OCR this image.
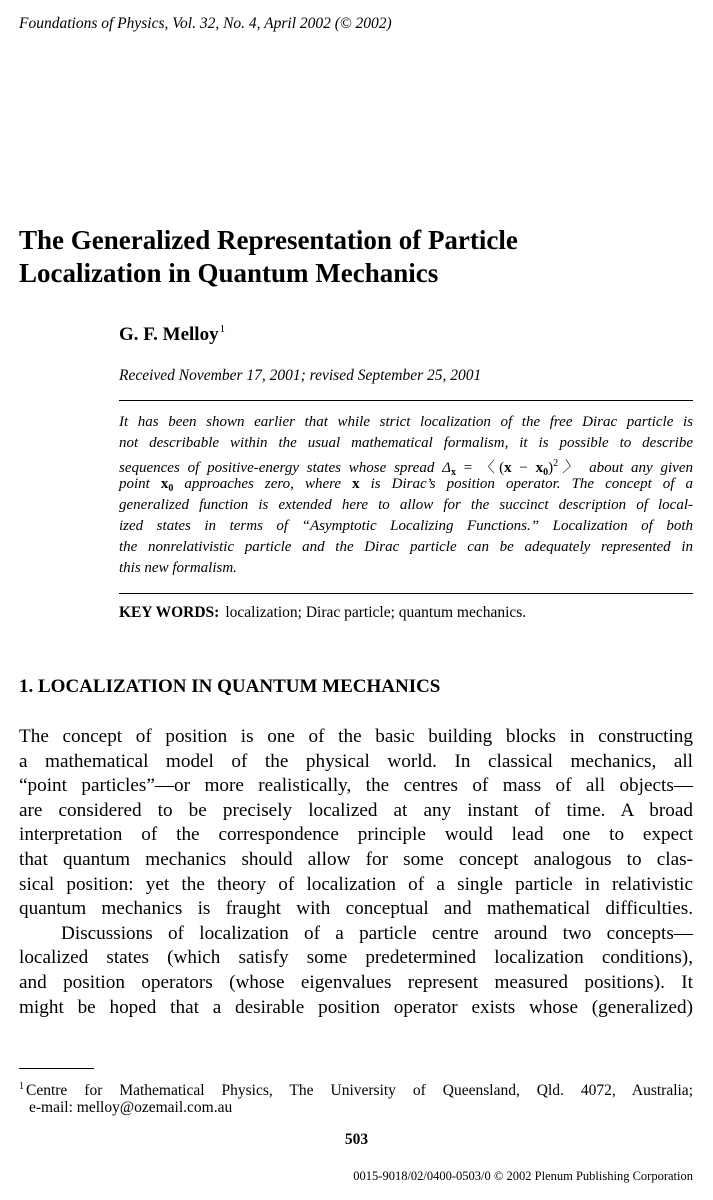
Foundations of Physics, Vol. 32, No. 4, April 2002 (© 2002)
The Generalized Representation of Particle
Localization in Quantum Mechanics
G. F. Melloy$^1$
Received November 17, 2001; revised September 25, 2001
It has been shown earlier that while strict localization of the free Dirac particle is
not describable within the usual mathematical formalism, it is possible to describe
sequences of positive-energy states whose spread $\Delta_x$ = 〈$(x - x_0)^2$〉 about any given
point $x_0$ approaches zero, where x is Dirac’s position operator. The concept of a
generalized function is extended here to allow for the succinct description of local-
ized states in terms of “Asymptotic Localizing Functions.” Localization of both
the nonrelativistic particle and the Dirac particle can be adequately represented in
this new formalism.
KEY WORDS: localization; Dirac particle; quantum mechanics.
1. LOCALIZATION IN QUANTUM MECHANICS
The concept of position is one of the basic building blocks in constructing
a mathematical model of the physical world. In classical mechanics, all
“point particles”—or more realistically, the centres of mass of all objects—
are considered to be precisely localized at any instant of time. A broad
interpretation of the correspondence principle would lead one to expect
that quantum mechanics should allow for some concept analogous to clas-
sical position: yet the theory of localization of a single particle in relativistic
quantum mechanics is fraught with conceptual and mathematical difficulties.
Discussions of localization of a particle centre around two concepts—
localized states (which satisfy some predetermined localization conditions),
and position operators (whose eigenvalues represent measured positions). It
might be hoped that a desirable position operator exists whose (generalized)
$^1$ Centre for Mathematical Physics, The University of Queensland, Qld. 4072, Australia;
e-mail: melloy@ozemail.com.au
503
0015-9018/02/0400-0503/0 © 2002 Plenum Publishing Corporation
